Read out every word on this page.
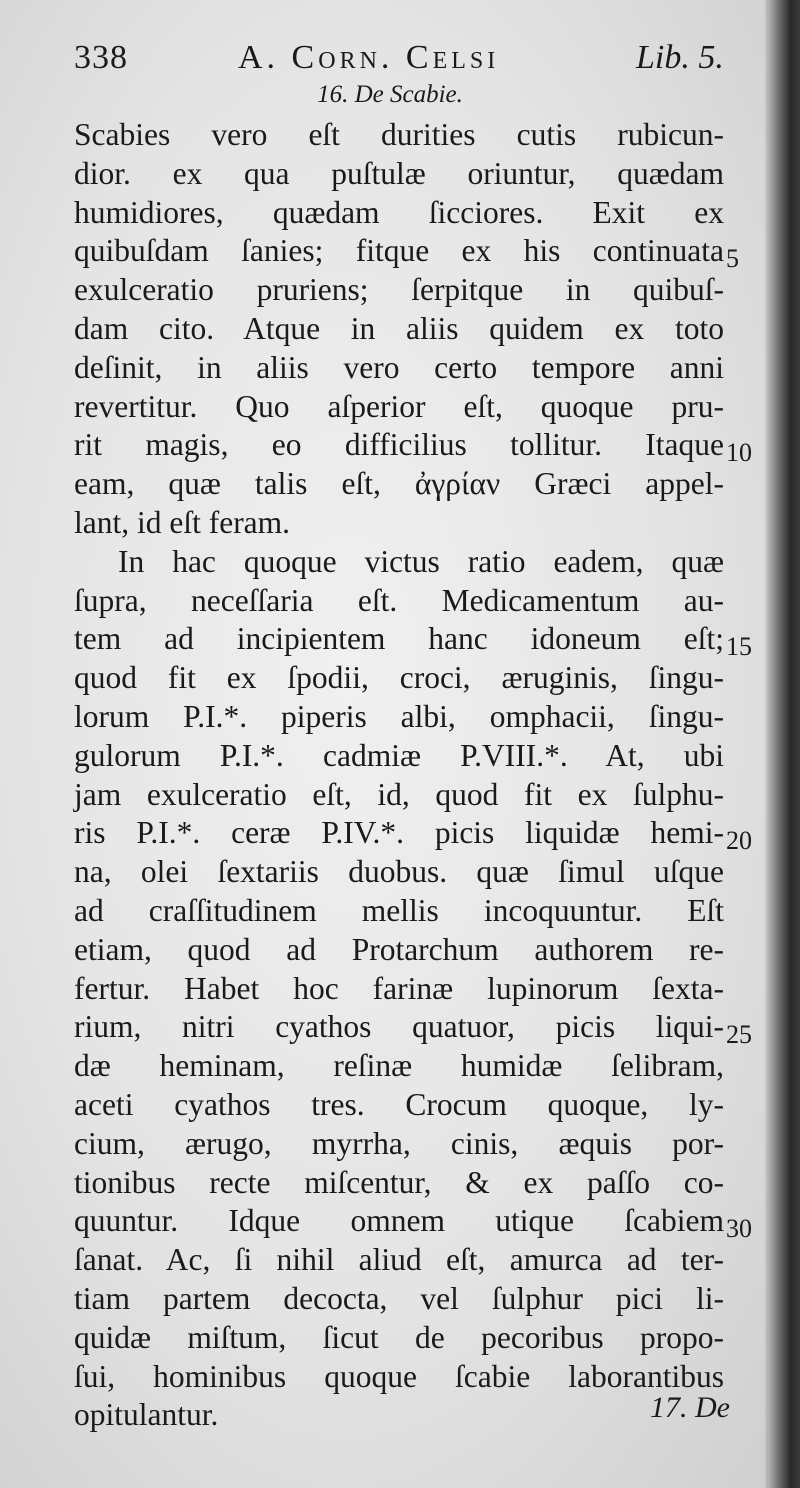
338	A. Corn. Celsi	Lib. 5.
16. De Scabie.
Scabies vero eſt durities cutis rubicun-
dior. ex qua puſtulæ oriuntur, quædam
humidiores, quædam ſicciores. Exit ex
quibuſdam ſanies; fitque ex his continuata
exulceratio pruriens; ſerpitque in quibuſ-
dam cito. Atque in aliis quidem ex toto
deſinit, in aliis vero certo tempore anni
revertitur. Quo aſperior eſt, quoque pru-
rit magis, eo difficilius tollitur. Itaque
eam, quæ talis eſt, ἀγρίαν Græci appel-
lant, id eſt feram.
In hac quoque victus ratio eadem, quæ
ſupra, neceſſaria eſt. Medicamentum au-
tem ad incipientem hanc idoneum eſt;
quod fit ex ſpodii, croci, æruginis, ſingu-
lorum P.I.*. piperis albi, omphacii, ſingu-
gulorum P.I.*. cadmiæ P.VIII.*. At, ubi
jam exulceratio eſt, id, quod fit ex ſulphu-
ris P.I.*. ceræ P.IV.*. picis liquidæ hemi-
na, olei ſextariis duobus. quæ ſimul uſque
ad craſſitudinem mellis incoquuntur. Eſt
etiam, quod ad Protarchum authorem re-
fertur. Habet hoc farinæ lupinorum ſexta-
rium, nitri cyathos quatuor, picis liqui-
dæ heminam, reſinæ humidæ ſelibram,
aceti cyathos tres. Crocum quoque, ly-
cium, ærugo, myrrha, cinis, æquis por-
tionibus recte miſcentur, & ex paſſo co-
quuntur. Idque omnem utique ſcabiem
ſanat. Ac, ſi nihil aliud eſt, amurca ad ter-
tiam partem decocta, vel ſulphur pici li-
quidæ miſtum, ſicut de pecoribus propo-
ſui, hominibus quoque ſcabie laborantibus
opitulantur.
5
10
15
20
25
30
17. De
